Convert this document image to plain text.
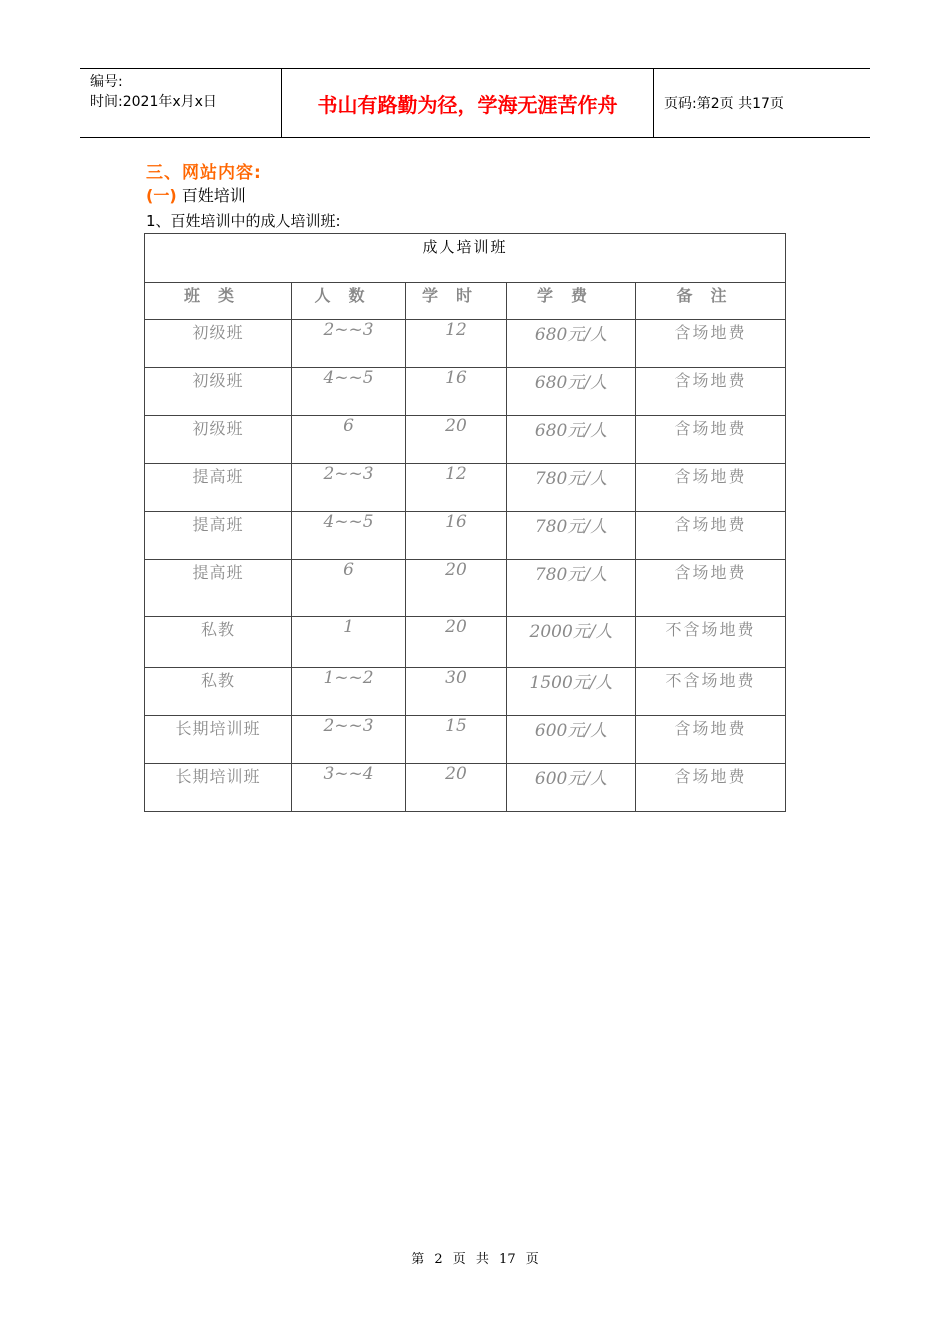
编号:
时间:2021年x月x日	书山有路勤为径，学海无涯苦作舟	页码:第2页 共17页
三、网站内容:
(一) 百姓培训
1、百姓培训中的成人培训班:
成人培训班				
班类	人数	学时	学费	备注
初级班	2~~3	12	680元/人	含场地费
初级班	4~~5	16	680元/人	含场地费
初级班	6	20	680元/人	含场地费
提高班	2~~3	12	780元/人	含场地费
提高班	4~~5	16	780元/人	含场地费
提高班	6	20	780元/人	含场地费
私教	1	20	2000元/人	不含场地费
私教	1~~2	30	1500元/人	不含场地费
长期培训班	2~~3	15	600元/人	含场地费
长期培训班	3~~4	20	600元/人	含场地费
第 2 页 共 17 页
